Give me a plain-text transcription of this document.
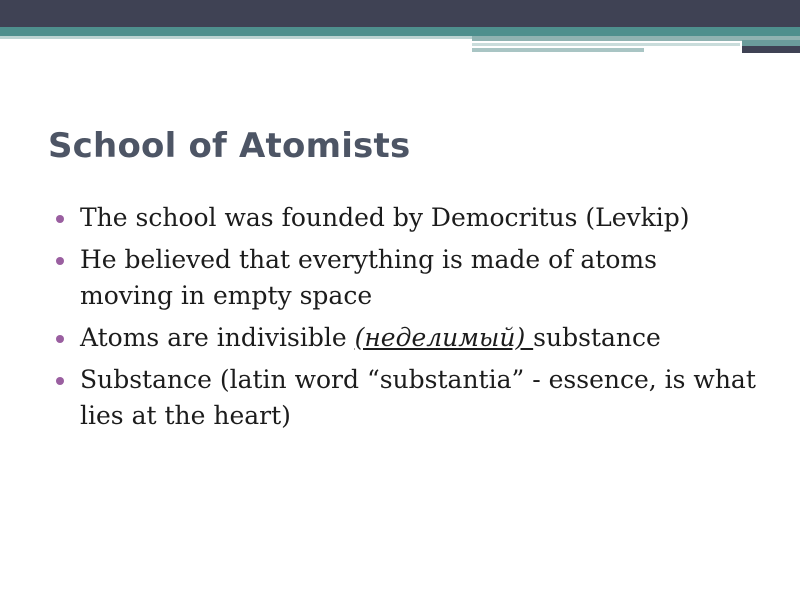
School of Atomists
The school was founded by Democritus (Levkip)
He believed that everything is made of atoms moving in empty space
Atoms are indivisible (неделимый) substance
Substance (latin word “substantia” - essence, is what lies at the heart)
